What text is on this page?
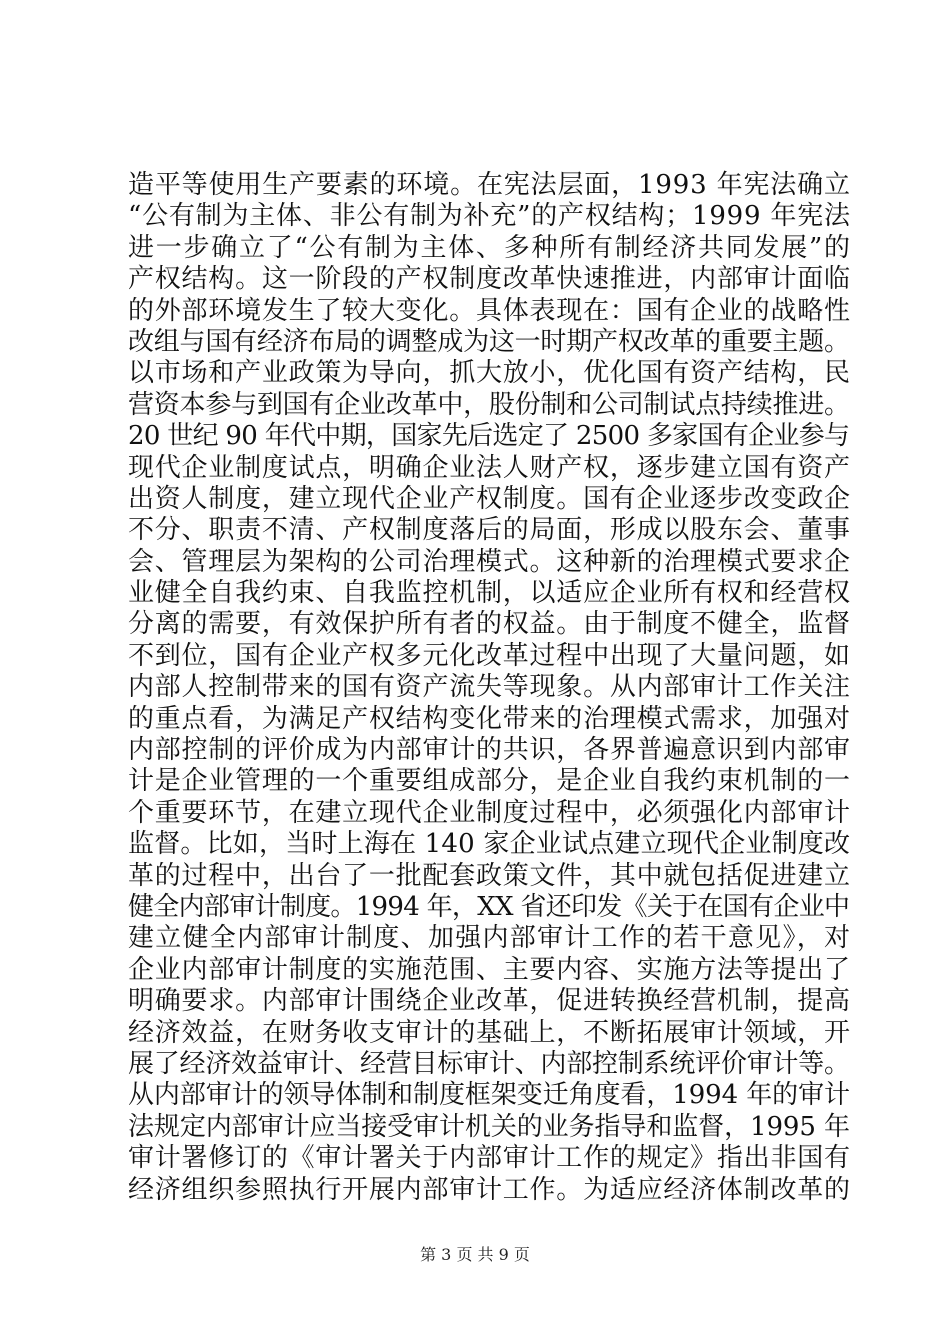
造平等使用生产要素的环境。在宪法层面，1993 年宪法确立
“公有制为主体、非公有制为补充”的产权结构；1999 年宪法
进一步确立了“公有制为主体、多种所有制经济共同发展”的
产权结构。这一阶段的产权制度改革快速推进，内部审计面临
的外部环境发生了较大变化。具体表现在：国有企业的战略性
改组与国有经济布局的调整成为这一时期产权改革的重要主题。
以市场和产业政策为导向，抓大放小，优化国有资产结构，民
营资本参与到国有企业改革中，股份制和公司制试点持续推进。
20 世纪 90 年代中期，国家先后选定了 2500 多家国有企业参与
现代企业制度试点，明确企业法人财产权，逐步建立国有资产
出资人制度，建立现代企业产权制度。国有企业逐步改变政企
不分、职责不清、产权制度落后的局面，形成以股东会、董事
会、管理层为架构的公司治理模式。这种新的治理模式要求企
业健全自我约束、自我监控机制，以适应企业所有权和经营权
分离的需要，有效保护所有者的权益。由于制度不健全，监督
不到位，国有企业产权多元化改革过程中出现了大量问题，如
内部人控制带来的国有资产流失等现象。从内部审计工作关注
的重点看，为满足产权结构变化带来的治理模式需求，加强对
内部控制的评价成为内部审计的共识，各界普遍意识到内部审
计是企业管理的一个重要组成部分，是企业自我约束机制的一
个重要环节，在建立现代企业制度过程中，必须强化内部审计
监督。比如，当时上海在 140 家企业试点建立现代企业制度改
革的过程中，出台了一批配套政策文件，其中就包括促进建立
健全内部审计制度。1994 年，XX 省还印发《关于在国有企业中
建立健全内部审计制度、加强内部审计工作的若干意见》，对
企业内部审计制度的实施范围、主要内容、实施方法等提出了
明确要求。内部审计围绕企业改革，促进转换经营机制，提高
经济效益，在财务收支审计的基础上，不断拓展审计领域，开
展了经济效益审计、经营目标审计、内部控制系统评价审计等。
从内部审计的领导体制和制度框架变迁角度看，1994 年的审计
法规定内部审计应当接受审计机关的业务指导和监督，1995 年
审计署修订的《审计署关于内部审计工作的规定》指出非国有
经济组织参照执行开展内部审计工作。为适应经济体制改革的
第 3 页 共 9 页
